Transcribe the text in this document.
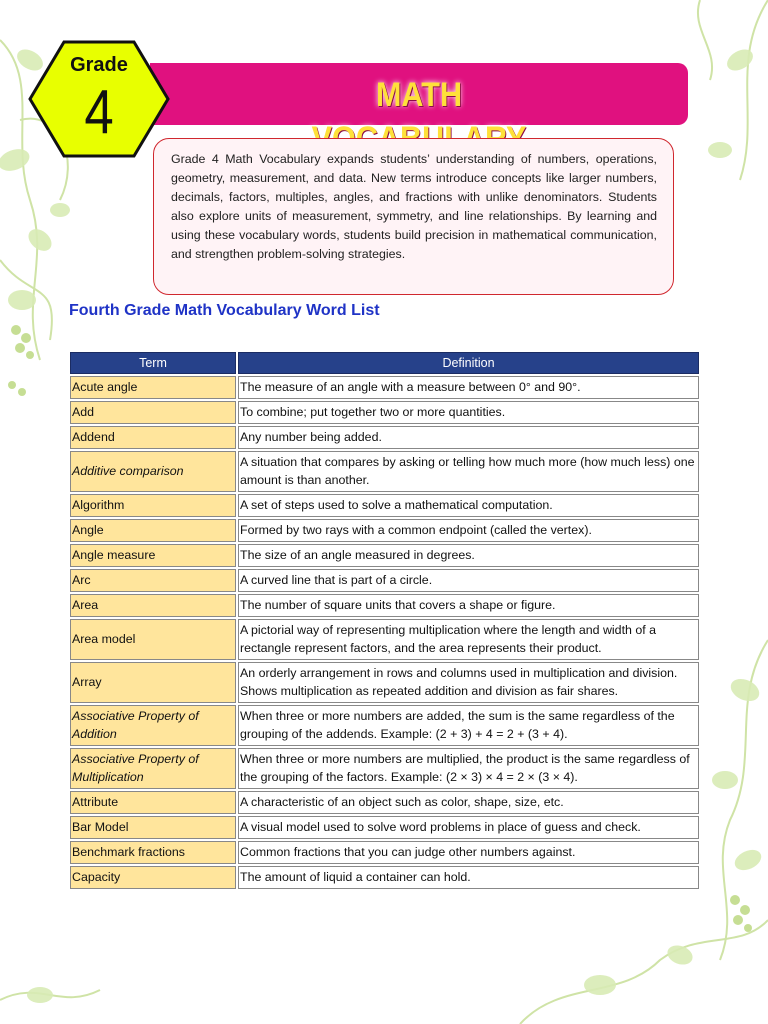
MATH
Grade
4
Grade 4 Math Vocabulary expands students’ understanding of numbers, operations, geometry, measurement, and data. New terms introduce concepts like larger numbers, decimals, factors, multiples, angles, and fractions with unlike denominators. Students also explore units of measurement, symmetry, and line relationships. By learning and using these vocabulary words, students build precision in mathematical communication, and strengthen problem-solving strategies.
Fourth Grade Math Vocabulary Word List
Term	Definition
Acute angle	The measure of an angle with a measure between 0° and 90°.
Add	To combine; put together two or more quantities.
Addend	Any number being added.
Additive comparison	A situation that compares by asking or telling how much more (how much less) one amount is than another.
Algorithm	A set of steps used to solve a mathematical computation.
Angle	Formed by two rays with a common endpoint (called the vertex).
Angle measure	The size of an angle measured in degrees.
Arc	A curved line that is part of a circle.
Area	The number of square units that covers a shape or figure.
Area model	A pictorial way of representing multiplication where the length and width of a rectangle represent factors, and the area represents their product.
Array	An orderly arrangement in rows and columns used in multiplication and division. Shows multiplication as repeated addition and division as fair shares.
Associative Property of Addition	When three or more numbers are added, the sum is the same regardless of the grouping of the addends. Example: (2 + 3) + 4 = 2 + (3 + 4).
Associative Property of Multiplication	When three or more numbers are multiplied, the product is the same regardless of the grouping of the factors. Example: (2 × 3) × 4 = 2 × (3 × 4).
Attribute	A characteristic of an object such as color, shape, size, etc.
Bar Model	A visual model used to solve word problems in place of guess and check.
Benchmark fractions	Common fractions that you can judge other numbers against.
Capacity	The amount of liquid a container can hold.
